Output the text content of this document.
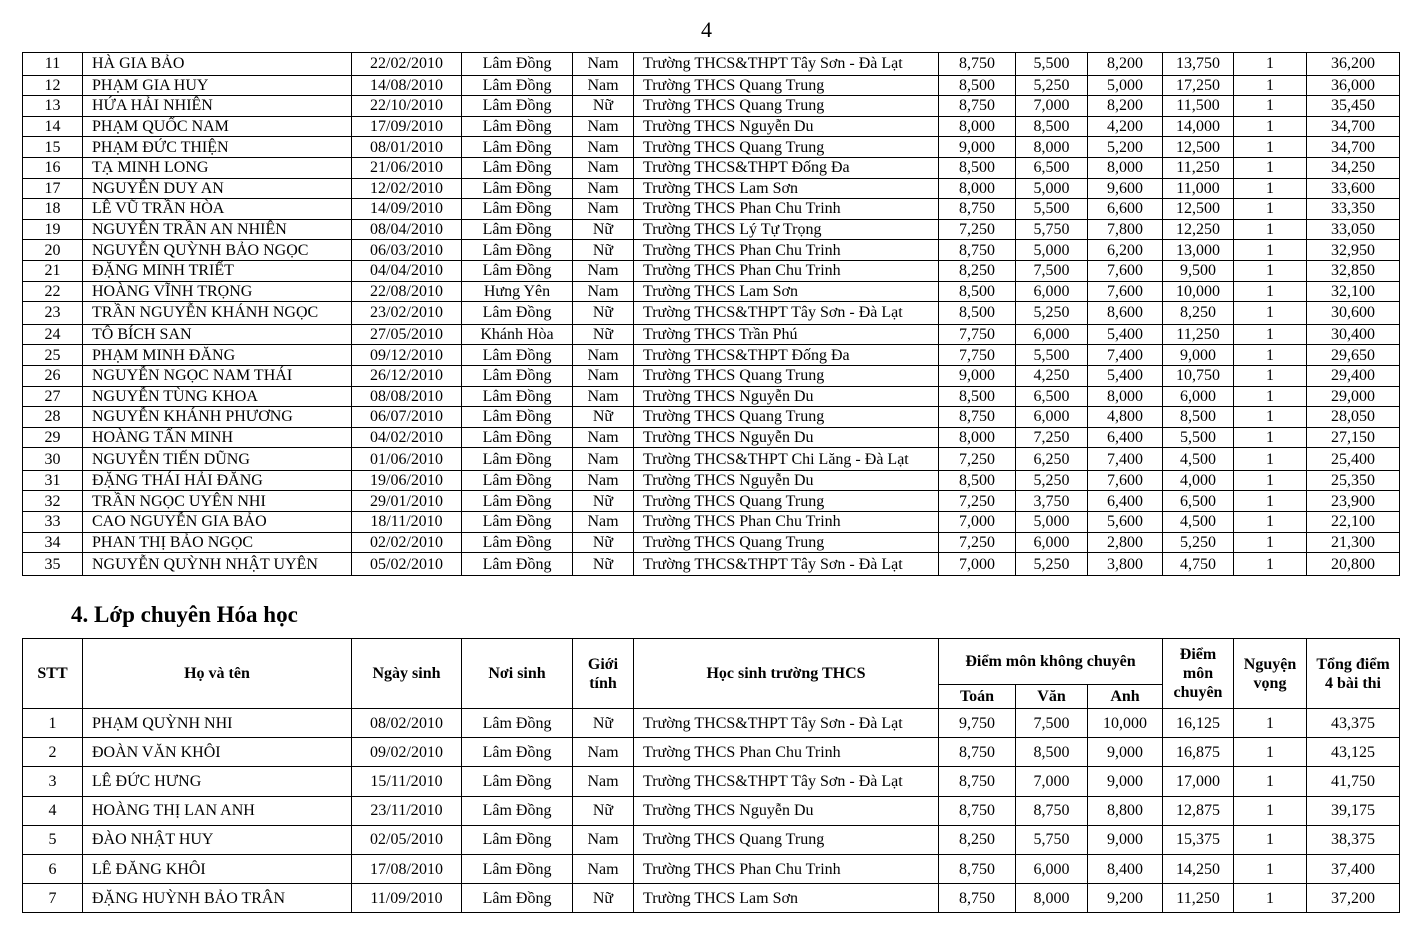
4
11	HÀ GIA BẢO	22/02/2010	Lâm Đồng	Nam	Trường THCS&THPT Tây Sơn - Đà Lạt	8,750	5,500	8,200	13,750	1	36,200
12	PHẠM GIA HUY	14/08/2010	Lâm Đồng	Nam	Trường THCS Quang Trung	8,500	5,250	5,000	17,250	1	36,000
13	HỨA HẢI NHIÊN	22/10/2010	Lâm Đồng	Nữ	Trường THCS Quang Trung	8,750	7,000	8,200	11,500	1	35,450
14	PHẠM QUỐC NAM	17/09/2010	Lâm Đồng	Nam	Trường THCS Nguyễn Du	8,000	8,500	4,200	14,000	1	34,700
15	PHẠM ĐỨC THIỆN	08/01/2010	Lâm Đồng	Nam	Trường THCS Quang Trung	9,000	8,000	5,200	12,500	1	34,700
16	TẠ MINH LONG	21/06/2010	Lâm Đồng	Nam	Trường THCS&THPT Đống Đa	8,500	6,500	8,000	11,250	1	34,250
17	NGUYỄN DUY AN	12/02/2010	Lâm Đồng	Nam	Trường THCS Lam Sơn	8,000	5,000	9,600	11,000	1	33,600
18	LÊ VŨ TRẦN HÒA	14/09/2010	Lâm Đồng	Nam	Trường THCS Phan Chu Trinh	8,750	5,500	6,600	12,500	1	33,350
19	NGUYỄN TRẦN AN NHIÊN	08/04/2010	Lâm Đồng	Nữ	Trường THCS Lý Tự Trọng	7,250	5,750	7,800	12,250	1	33,050
20	NGUYỄN QUỲNH BẢO NGỌC	06/03/2010	Lâm Đồng	Nữ	Trường THCS Phan Chu Trinh	8,750	5,000	6,200	13,000	1	32,950
21	ĐẶNG MINH TRIẾT	04/04/2010	Lâm Đồng	Nam	Trường THCS Phan Chu Trinh	8,250	7,500	7,600	9,500	1	32,850
22	HOÀNG VĨNH TRỌNG	22/08/2010	Hưng Yên	Nam	Trường THCS Lam Sơn	8,500	6,000	7,600	10,000	1	32,100
23	TRẦN NGUYỄN KHÁNH NGỌC	23/02/2010	Lâm Đồng	Nữ	Trường THCS&THPT Tây Sơn - Đà Lạt	8,500	5,250	8,600	8,250	1	30,600
24	TÔ BÍCH SAN	27/05/2010	Khánh Hòa	Nữ	Trường THCS Trần Phú	7,750	6,000	5,400	11,250	1	30,400
25	PHẠM MINH ĐĂNG	09/12/2010	Lâm Đồng	Nam	Trường THCS&THPT Đống Đa	7,750	5,500	7,400	9,000	1	29,650
26	NGUYỄN NGỌC NAM THÁI	26/12/2010	Lâm Đồng	Nam	Trường THCS Quang Trung	9,000	4,250	5,400	10,750	1	29,400
27	NGUYỄN TÙNG KHOA	08/08/2010	Lâm Đồng	Nam	Trường THCS Nguyễn Du	8,500	6,500	8,000	6,000	1	29,000
28	NGUYỄN KHÁNH PHƯƠNG	06/07/2010	Lâm Đồng	Nữ	Trường THCS Quang Trung	8,750	6,000	4,800	8,500	1	28,050
29	HOÀNG TẤN MINH	04/02/2010	Lâm Đồng	Nam	Trường THCS Nguyễn Du	8,000	7,250	6,400	5,500	1	27,150
30	NGUYỄN TIẾN DŨNG	01/06/2010	Lâm Đồng	Nam	Trường THCS&THPT Chi Lăng - Đà Lạt	7,250	6,250	7,400	4,500	1	25,400
31	ĐẶNG THÁI HẢI ĐĂNG	19/06/2010	Lâm Đồng	Nam	Trường THCS Nguyễn Du	8,500	5,250	7,600	4,000	1	25,350
32	TRẦN NGỌC UYÊN NHI	29/01/2010	Lâm Đồng	Nữ	Trường THCS Quang Trung	7,250	3,750	6,400	6,500	1	23,900
33	CAO NGUYỄN GIA BẢO	18/11/2010	Lâm Đồng	Nam	Trường THCS Phan Chu Trinh	7,000	5,000	5,600	4,500	1	22,100
34	PHAN THỊ BẢO NGỌC	02/02/2010	Lâm Đồng	Nữ	Trường THCS Quang Trung	7,250	6,000	2,800	5,250	1	21,300
35	NGUYỄN QUỲNH NHẬT UYÊN	05/02/2010	Lâm Đồng	Nữ	Trường THCS&THPT Tây Sơn - Đà Lạt	7,000	5,250	3,800	4,750	1	20,800
4. Lớp chuyên Hóa học
STT	Họ và tên	Ngày sinh	Nơi sinh	Giới tính	Học sinh trường THCS	Điểm môn không chuyên			Điểm môn chuyên	Nguyện vọng	Tổng điểm 4 bài thi
						Toán	Văn	Anh			
1	PHẠM QUỲNH NHI	08/02/2010	Lâm Đồng	Nữ	Trường THCS&THPT Tây Sơn - Đà Lạt	9,750	7,500	10,000	16,125	1	43,375
2	ĐOÀN VĂN KHÔI	09/02/2010	Lâm Đồng	Nam	Trường THCS Phan Chu Trinh	8,750	8,500	9,000	16,875	1	43,125
3	LÊ ĐỨC HƯNG	15/11/2010	Lâm Đồng	Nam	Trường THCS&THPT Tây Sơn - Đà Lạt	8,750	7,000	9,000	17,000	1	41,750
4	HOÀNG THỊ LAN ANH	23/11/2010	Lâm Đồng	Nữ	Trường THCS Nguyễn Du	8,750	8,750	8,800	12,875	1	39,175
5	ĐÀO NHẬT HUY	02/05/2010	Lâm Đồng	Nam	Trường THCS Quang Trung	8,250	5,750	9,000	15,375	1	38,375
6	LÊ ĐĂNG KHÔI	17/08/2010	Lâm Đồng	Nam	Trường THCS Phan Chu Trinh	8,750	6,000	8,400	14,250	1	37,400
7	ĐẶNG HUỲNH BẢO TRÂN	11/09/2010	Lâm Đồng	Nữ	Trường THCS Lam Sơn	8,750	8,000	9,200	11,250	1	37,200
